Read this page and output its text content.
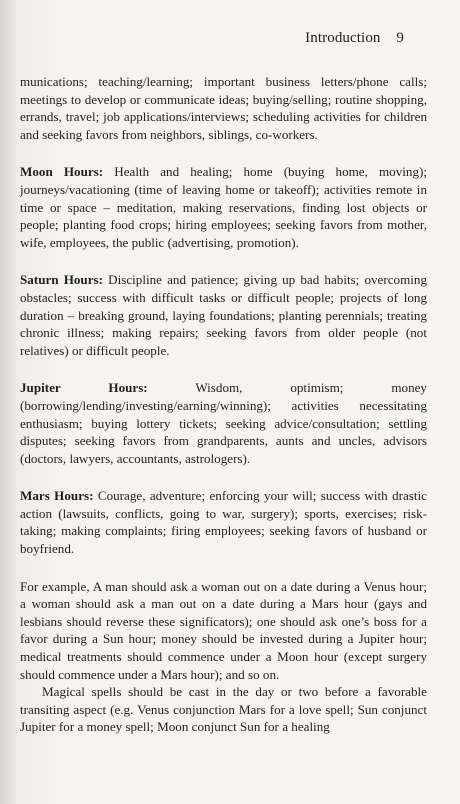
Introduction 9

munications; teaching/learning; important business letters/phone calls; meetings to develop or communicate ideas; buying/selling; routine shopping, errands, travel; job applications/interviews; scheduling activities for children and seeking favors from neighbors, siblings, co-workers.

Moon Hours: Health and healing; home (buying home, moving); journeys/vacationing (time of leaving home or takeoff); activities remote in time or space – meditation, making reservations, finding lost objects or people; planting food crops; hiring employees; seeking favors from mother, wife, employees, the public (advertising, promotion).

Saturn Hours: Discipline and patience; giving up bad habits; overcoming obstacles; success with difficult tasks or difficult people; projects of long duration – breaking ground, laying foundations; planting perennials; treating chronic illness; making repairs; seeking favors from older people (not relatives) or difficult people.

Jupiter Hours:	Wisdom, optimism; money (borrowing/lending/investing/earning/winning); activities necessitating enthusiasm; buying lottery tickets; seeking advice/consultation; settling disputes; seeking favors from grandparents, aunts and uncles, advisors (doctors, lawyers, accountants, astrologers).

Mars Hours: Courage, adventure; enforcing your will; success with drastic action (lawsuits, conflicts, going to war, surgery); sports, exercises; risk-taking; making complaints; firing employees; seeking favors of husband or boyfriend.

For example, A man should ask a woman out on a date during a Venus hour; a woman should ask a man out on a date during a Mars hour (gays and lesbians should reverse these significators); one should ask one’s boss for a favor during a Sun hour; money should be invested during a Jupiter hour; medical treatments should commence under a Moon hour (except surgery should commence under a Mars hour); and so on.

Magical spells should be cast in the day or two before a favorable transiting aspect (e.g. Venus conjunction Mars for a love spell; Sun conjunct Jupiter for a money spell; Moon conjunct Sun for a healing
